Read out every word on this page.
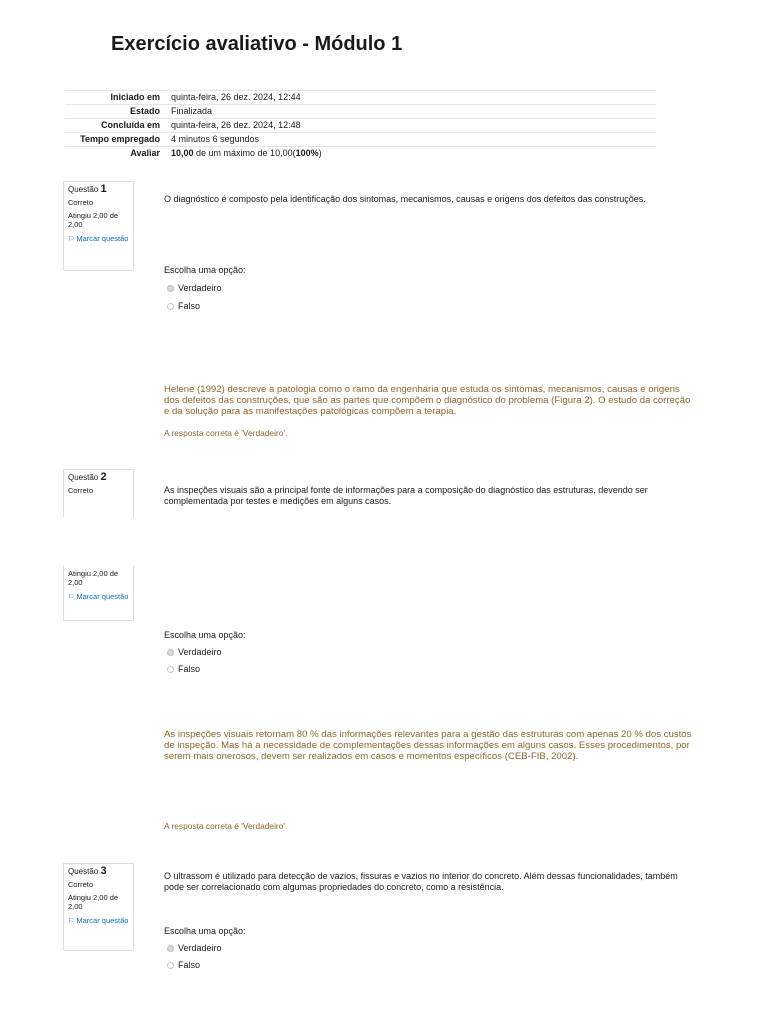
Exercício avaliativo - Módulo 1
Iniciado em	quinta-feira, 26 dez. 2024, 12:44
Estado	Finalizada
Concluída em	quinta-feira, 26 dez. 2024, 12:48
Tempo empregado	4 minutos 6 segundos
Avaliar	10,00 de um máximo de 10,00(100%)
Questão 1
Correto
Atingiu 2,00 de 2,00
⚐ Marcar questão
O diagnóstico é composto pela identificação dos sintomas, mecanismos, causas e origens dos defeitos das construções.
Escolha uma opção:
Verdadeiro
Falso
Helene (1992) descreve a patologia como o ramo da engenharia que estuda os sintomas, mecanismos, causas e origens dos defeitos das construções, que são as partes que compõem o diagnóstico do problema (Figura 2). O estudo da correção e da solução para as manifestações patológicas compõem a terapia.
A resposta correta é 'Verdadeiro'.
Questão 2
Correto
Atingiu 2,00 de 2,00
⚐ Marcar questão
As inspeções visuais são a principal fonte de informações para a composição do diagnóstico das estruturas, devendo ser complementada por testes e medições em alguns casos.
Escolha uma opção:
Verdadeiro
Falso
As inspeções visuais retornam 80 % das informações relevantes para a gestão das estruturas com apenas 20 % dos custos de inspeção. Mas há a necessidade de complementações dessas informações em alguns casos. Esses procedimentos, por serem mais onerosos, devem ser realizados em casos e momentos específicos (CEB-FIB, 2002).
A resposta correta é 'Verdadeiro'.
Questão 3
Correto
Atingiu 2,00 de 2,00
⚐ Marcar questão
O ultrassom é utilizado para detecção de vazios, fissuras e vazios no interior do concreto. Além dessas funcionalidades, também pode ser correlacionado com algumas propriedades do concreto, como a resistência.
Escolha uma opção:
Verdadeiro
Falso
